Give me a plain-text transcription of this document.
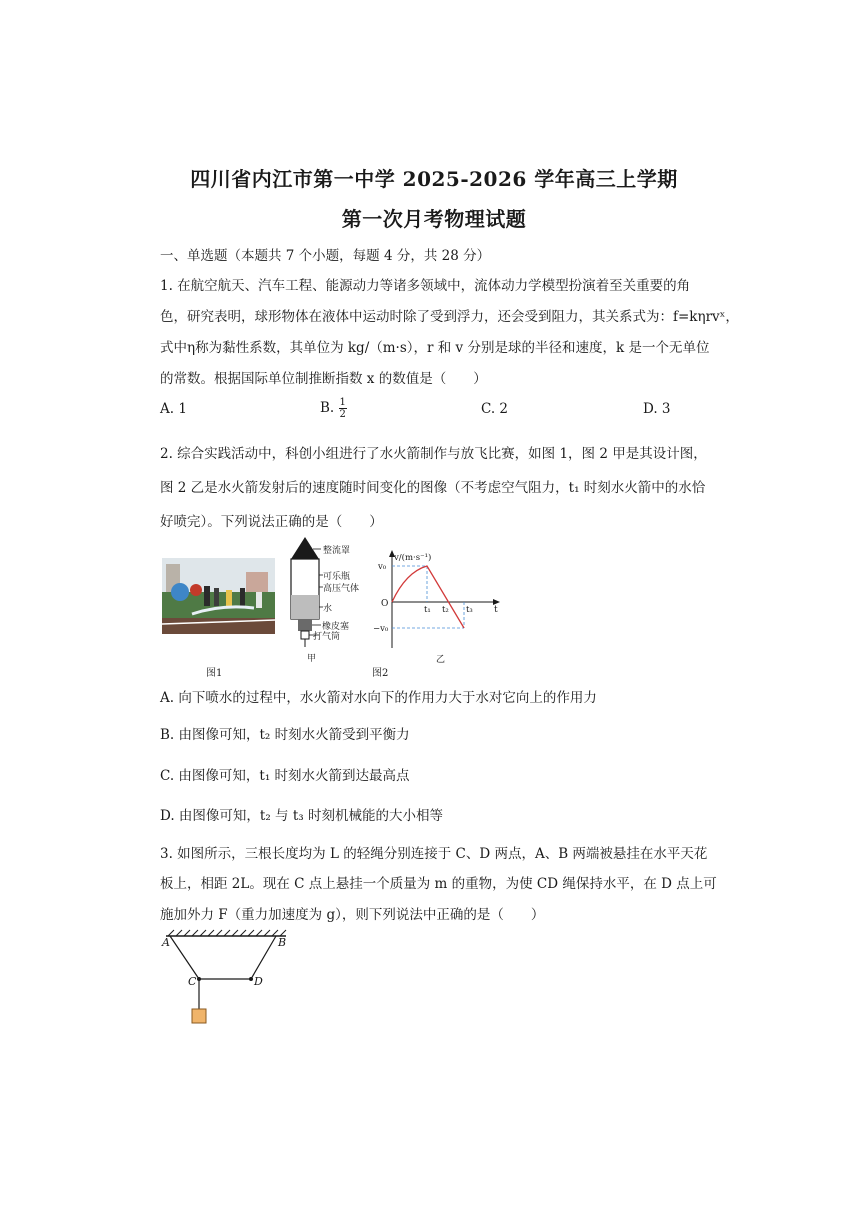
四川省内江市第一中学 2025-2026 学年高三上学期
第一次月考物理试题
一、单选题（本题共 7 个小题，每题 4 分，共 28 分）
1. 在航空航天、汽车工程、能源动力等诸多领域中，流体动力学模型扮演着至关重要的角
色，研究表明，球形物体在液体中运动时除了受到浮力，还会受到阻力，其关系式为：f=kηrvˣ，
式中η称为黏性系数，其单位为 kg/（m·s），r 和 v 分别是球的半径和速度，k 是一个无单位
的常数。根据国际单位制推断指数 x 的数值是（　　）
A. 1	B. $\frac{1}{2}$	C. 2	D. 3
2. 综合实践活动中，科创小组进行了水火箭制作与放飞比赛，如图 1，图 2 甲是其设计图，
图 2 乙是水火箭发射后的速度随时间变化的图像（不考虑空气阻力，t₁ 时刻水火箭中的水恰
好喷完）。下列说法正确的是（　　）
图1
整流罩
可乐瓶
高压气体
水
橡皮塞
打气筒
甲
图2
v/(m·s⁻¹)
v₀
O
−v₀
t₁ t₂ t₃ t
乙
A. 向下喷水的过程中，水火箭对水向下的作用力大于水对它向上的作用力
B. 由图像可知，t₂ 时刻水火箭受到平衡力
C. 由图像可知，t₁ 时刻水火箭到达最高点
D. 由图像可知，t₂ 与 t₃ 时刻机械能的大小相等
3. 如图所示，三根长度均为 L 的轻绳分别连接于 C、D 两点，A、B 两端被悬挂在水平天花
板上，相距 2L。现在 C 点上悬挂一个质量为 m 的重物，为使 CD 绳保持水平，在 D 点上可
施加外力 F（重力加速度为 g），则下列说法中正确的是（　　）
A	B
C	D
